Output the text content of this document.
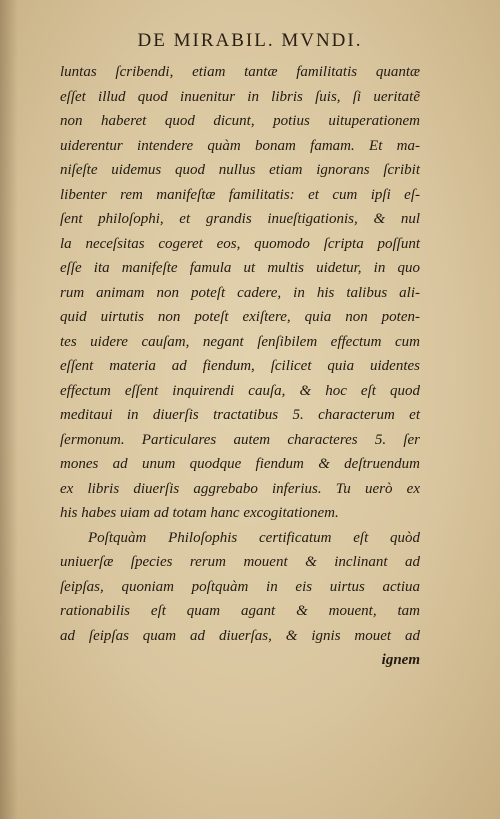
DE MIRABIL. MVNDI.
luntas ſcribendi, etiam tantæ familitatis quantæ
eſſet illud quod inuenitur in libris ſuis, ſi ueritatẽ
non haberet quod dicunt, potius uituperationem
uiderentur intendere quàm bonam famam. Et ma-
niſeſte uidemus quod nullus etiam ignorans ſcribit
libenter rem manifeſtæ familitatis: et cum ipſi eſ-
ſent philoſophi, et grandis inueſtigationis, & nul
la neceſsitas cogeret eos, quomodo ſcripta poſſunt
eſſe ita manifeſte famula ut multis uidetur, in quo
rum animam non poteſt cadere, in his talibus ali-
quid uirtutis non poteſt exiſtere, quia non poten-
tes uidere cauſam, negant ſenſibilem effectum cum
eſſent materia ad fiendum, ſcilicet quia uidentes
effectum eſſent inquirendi cauſa, & hoc eſt quod
meditaui in diuerſis tractatibus 5. characterum et
ſermonum. Particulares autem characteres 5. ſer
mones ad unum quodque fiendum & deſtruendum
ex libris diuerſis aggrebabo inferius. Tu uerò ex
his habes uiam ad totam hanc excogitationem.
Poſtquàm Philoſophis certificatum eſt quòd
uniuerſæ ſpecies rerum mouent & inclinant ad
ſeipſas, quoniam poſtquàm in eis uirtus actiua
rationabilis eſt quam agant & mouent, tam
ad ſeipſas quam ad diuerſas, & ignis mouet ad
ignem
